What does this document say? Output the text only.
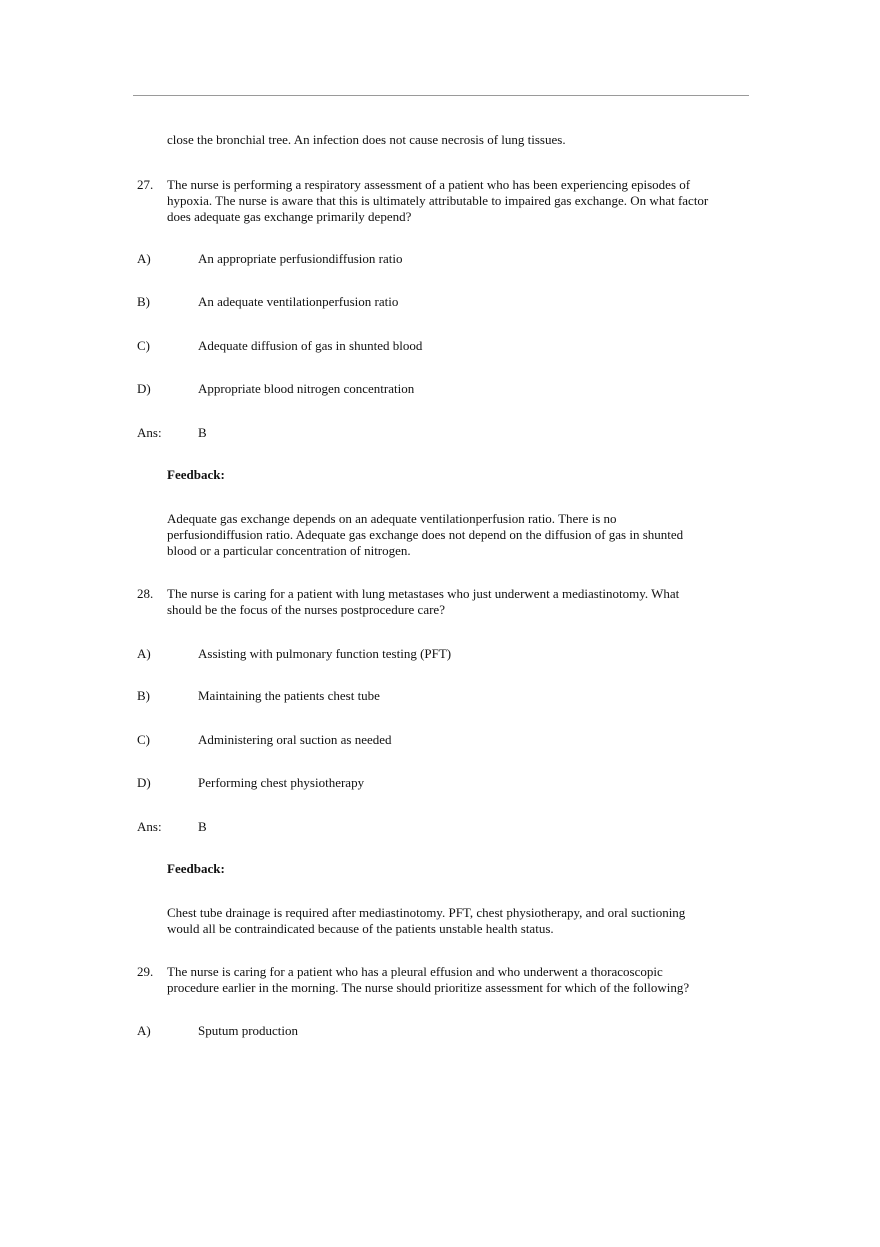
close the bronchial tree. An infection does not cause necrosis of lung tissues.
27. The nurse is performing a respiratory assessment of a patient who has been experiencing episodes of
hypoxia. The nurse is aware that this is ultimately attributable to impaired gas exchange. On what factor
does adequate gas exchange primarily depend?
A)	An appropriate perfusiondiffusion ratio
B)	An adequate ventilationperfusion ratio
C)	Adequate diffusion of gas in shunted blood
D)	Appropriate blood nitrogen concentration
Ans:	B
Feedback:
Adequate gas exchange depends on an adequate ventilationperfusion ratio. There is no
perfusiondiffusion ratio. Adequate gas exchange does not depend on the diffusion of gas in shunted
blood or a particular concentration of nitrogen.
28. The nurse is caring for a patient with lung metastases who just underwent a mediastinotomy. What
should be the focus of the nurses postprocedure care?
A)	Assisting with pulmonary function testing (PFT)
B)	Maintaining the patients chest tube
C)	Administering oral suction as needed
D)	Performing chest physiotherapy
Ans:	B
Feedback:
Chest tube drainage is required after mediastinotomy. PFT, chest physiotherapy, and oral suctioning
would all be contraindicated because of the patients unstable health status.
29. The nurse is caring for a patient who has a pleural effusion and who underwent a thoracoscopic
procedure earlier in the morning. The nurse should prioritize assessment for which of the following?
A)	Sputum production
